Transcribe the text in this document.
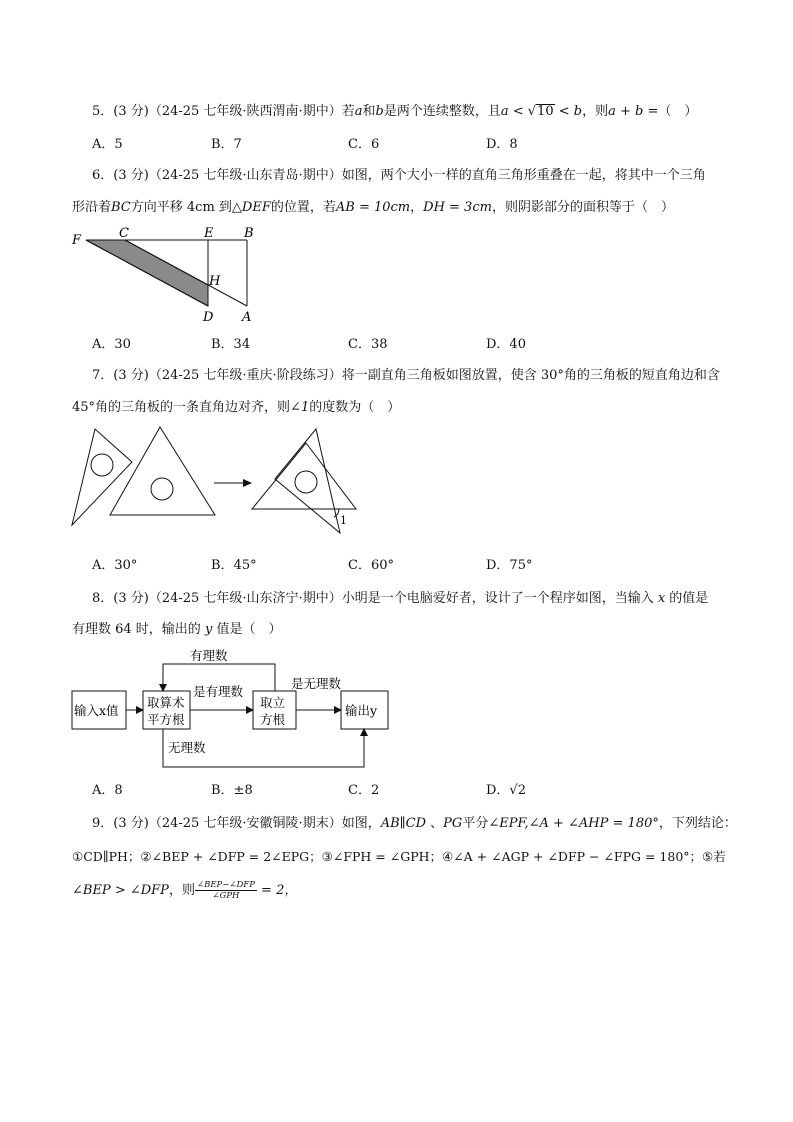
5．(3 分)（24-25 七年级·陕西渭南·期中）若a和b是两个连续整数，且a < √10 < b，则a + b =（　）
A．5	B．7	C．6	D．8
6．(3 分)（24-25 七年级·山东青岛·期中）如图，两个大小一样的直角三角形重叠在一起，将其中一个三角
形沿着BC方向平移 4cm 到△DEF的位置，若AB = 10cm，DH = 3cm，则阴影部分的面积等于（　）
F	C	E B
H
D A
A．30	B．34	C．38	D．40
7．(3 分)（24-25 七年级·重庆·阶段练习）将一副直角三角板如图放置，使含 30°角的三角板的短直角边和含
45°角的三角板的一条直角边对齐，则∠1的度数为（　）
1
A．30°	B．45°	C．60°	D．75°
8．(3 分)（24-25 七年级·山东济宁·期中）小明是一个电脑爱好者，设计了一个程序如图，当输入 x 的值是
有理数 64 时，输出的 y 值是（　）
输入x值
取算术
平方根
取立
方根
输出y
有理数
是有理数
是无理数
无理数
A．8	B．±8	C．2	D．√2
9．(3 分)（24-25 七年级·安徽铜陵·期末）如图，AB∥CD 、PG平分∠EPF,∠A + ∠AHP = 180°，下列结论：
①CD∥PH；②∠BEP + ∠DFP = 2∠EPG；③∠FPH = ∠GPH；④∠A + ∠AGP + ∠DFP − ∠FPG = 180°；⑤若
∠BEP > ∠DFP，则 $\frac{\text{∠BEP−∠DFP}}{\text{∠GPH}} = 2$，
